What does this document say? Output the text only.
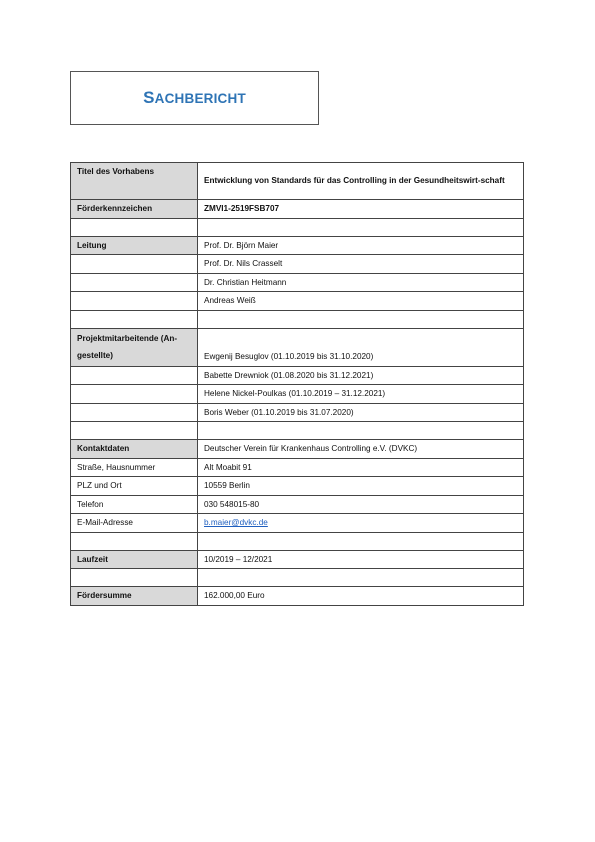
SACHBERICHT
Titel des Vorhabens	Entwicklung von Standards für das Controlling in der Gesundheitswirt-schaft
Förderkennzeichen	ZMVI1-2519FSB707

Leitung	Prof. Dr. Björn Maier
	Prof. Dr. Nils Crasselt
	Dr. Christian Heitmann
	Andreas Weiß

Projektmitarbeitende (An-gestellte)	Ewgenij Besuglov (01.10.2019 bis 31.10.2020)
	Babette Drewniok (01.08.2020 bis 31.12.2021)
	Helene Nickel-Poulkas (01.10.2019 – 31.12.2021)
	Boris Weber (01.10.2019 bis 31.07.2020)

Kontaktdaten	Deutscher Verein für Krankenhaus Controlling e.V. (DVKC)
Straße, Hausnummer	Alt Moabit 91
PLZ und Ort	10559 Berlin
Telefon	030 548015-80
E-Mail-Adresse	b.maier@dvkc.de

Laufzeit	10/2019 – 12/2021

Fördersumme	162.000,00 Euro
